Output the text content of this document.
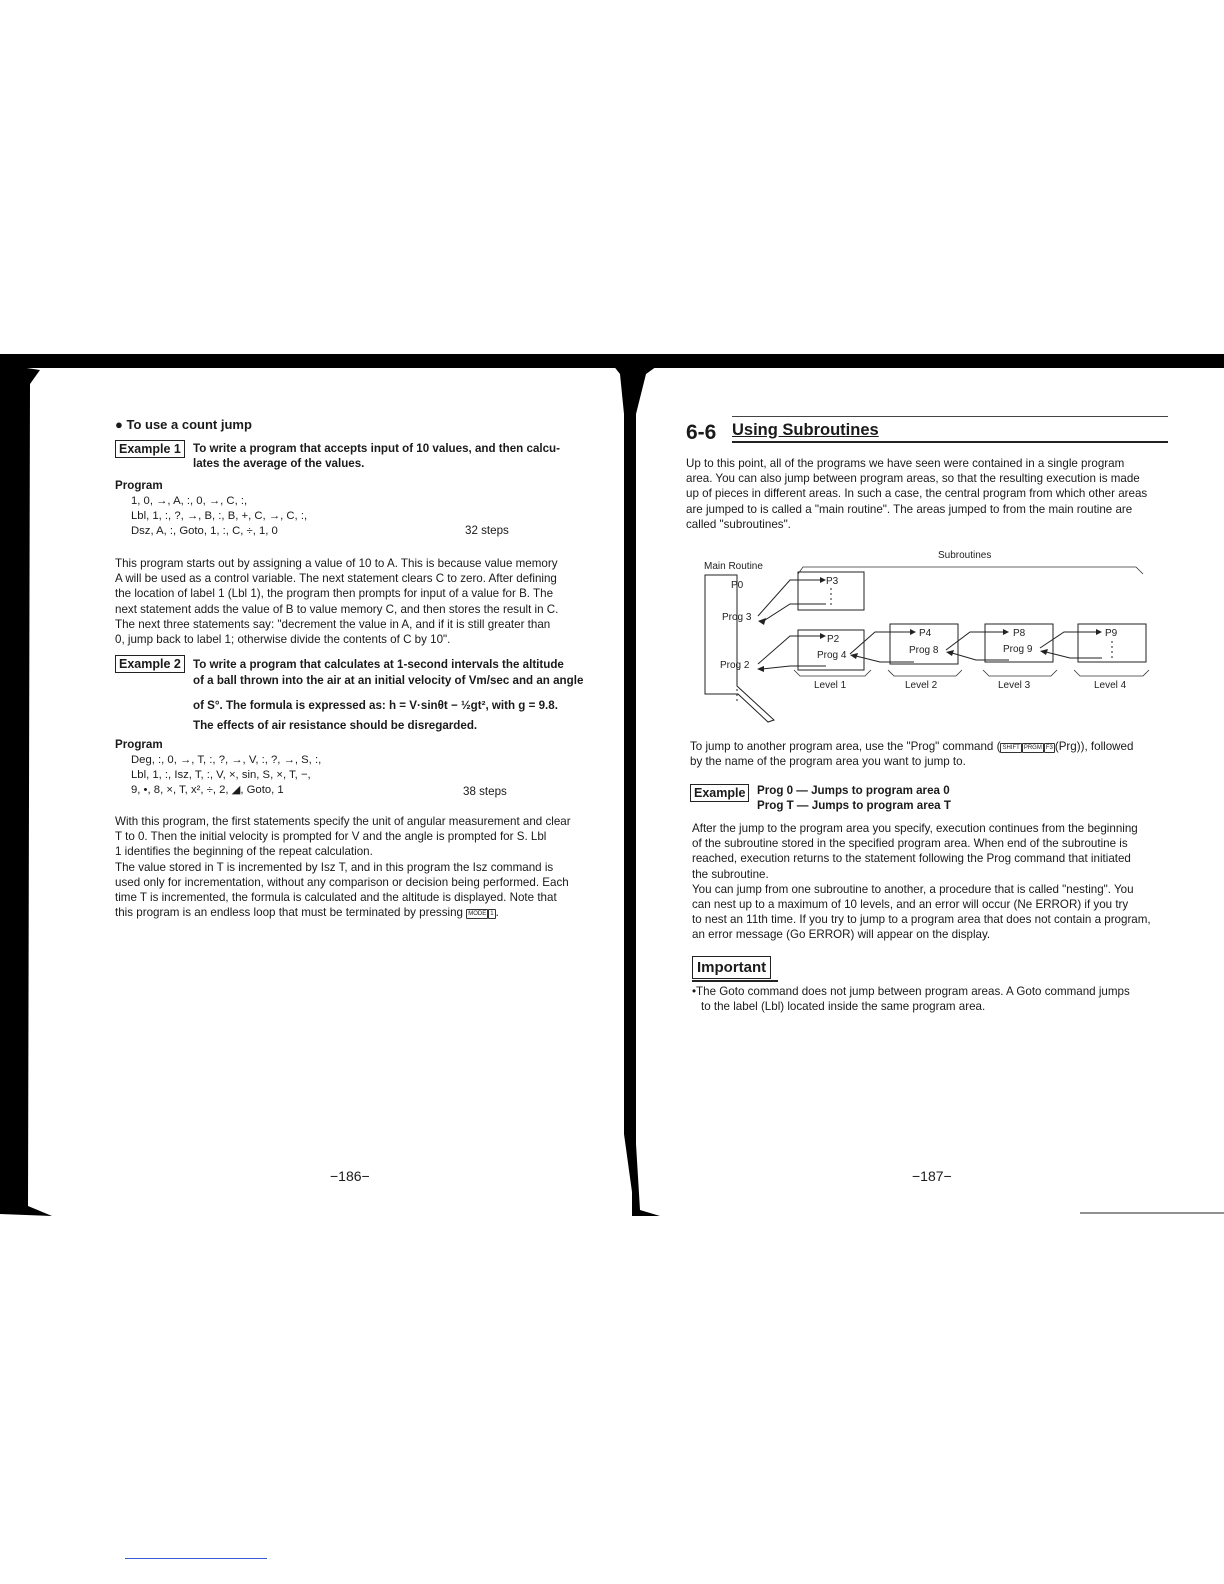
● To use a count jump
Example 1	To write a program that accepts input of 10 values, and then calcu-
lates the average of the values.
Program
1, 0, →, A, :, 0, →, C, :,
Lbl, 1, :, ?, →, B, :, B, +, C, →, C, :,
Dsz, A, :, Goto, 1, :, C, ÷, 1, 0	32 steps
This program starts out by assigning a value of 10 to A. This is because value memory
A will be used as a control variable. The next statement clears C to zero. After defining
the location of label 1 (Lbl 1), the program then prompts for input of a value for B. The
next statement adds the value of B to value memory C, and then stores the result in C.
The next three statements say: "decrement the value in A, and if it is still greater than
0, jump back to label 1; otherwise divide the contents of C by 10".
Example 2	To write a program that calculates at 1-second intervals the altitude
of a ball thrown into the air at an initial velocity of Vm/sec and an angle
of S°. The formula is expressed as: h = V·sinθt − ½gt², with g = 9.8.
The effects of air resistance should be disregarded.
Program
Deg, :, 0, →, T, :, ?, →, V, :, ?, →, S, :,
Lbl, 1, :, Isz, T, :, V, ×, sin, S, ×, T, −,
9, •, 8, ×, T, x², ÷, 2, ◢, Goto, 1	38 steps
With this program, the first statements specify the unit of angular measurement and clear
T to 0. Then the initial velocity is prompted for V and the angle is prompted for S. Lbl
1 identifies the beginning of the repeat calculation.
The value stored in T is incremented by Isz T, and in this program the Isz command is
used only for incrementation, without any comparison or decision being performed. Each
time T is incremented, the formula is calculated and the altitude is displayed. Note that
this program is an endless loop that must be terminated by pressing MODE 1 .
−186−
6-6 Using Subroutines
Up to this point, all of the programs we have seen were contained in a single program
area. You can also jump between program areas, so that the resulting execution is made
up of pieces in different areas. In such a case, the central program from which other areas
are jumped to is called a "main routine". The areas jumped to from the main routine are
called "subroutines".
Main Routine
Subroutines
P0
Prog 3
Prog 2
P3
P2
Prog 4
P4
Prog 8
P8
Prog 9
P9
Level 1	Level 2	Level 3	Level 4
To jump to another program area, use the "Prog" command ( SHIFT PRGM F3 (Prg)), followed
by the name of the program area you want to jump to.
Example Prog 0 — Jumps to program area 0
Prog T — Jumps to program area T
After the jump to the program area you specify, execution continues from the beginning
of the subroutine stored in the specified program area. When end of the subroutine is
reached, execution returns to the statement following the Prog command that initiated
the subroutine.
You can jump from one subroutine to another, a procedure that is called "nesting". You
can nest up to a maximum of 10 levels, and an error will occur (Ne ERROR) if you try
to nest an 11th time. If you try to jump to a program area that does not contain a program,
an error message (Go ERROR) will appear on the display.
Important
•The Goto command does not jump between program areas. A Goto command jumps
to the label (Lbl) located inside the same program area.
−187−
